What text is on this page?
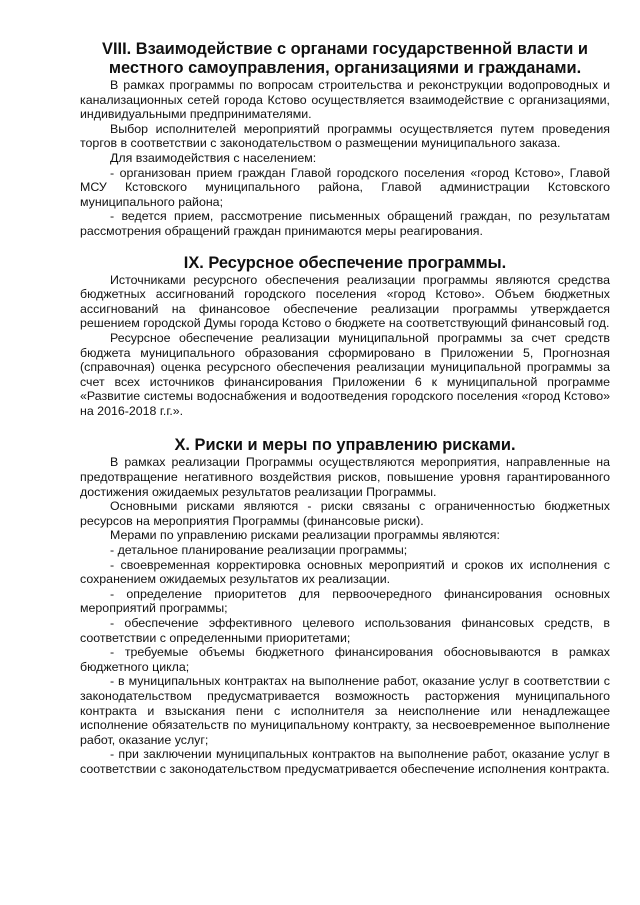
VIII. Взаимодействие с органами государственной власти и местного самоуправления, организациями и гражданами.

В рамках программы по вопросам строительства и реконструкции водопроводных и канализационных сетей города Кстово осуществляется взаимодействие с организациями, индивидуальными предпринимателями.

Выбор исполнителей мероприятий программы осуществляется путем проведения торгов в соответствии с законодательством о размещении муниципального заказа.

Для взаимодействия с населением:

- организован прием граждан Главой городского поселения «город Кстово», Главой МСУ Кстовского муниципального района, Главой администрации Кстовского муниципального района;

- ведется прием, рассмотрение письменных обращений граждан, по результатам рассмотрения обращений граждан принимаются меры реагирования.

IX. Ресурсное обеспечение программы.

Источниками ресурсного обеспечения реализации программы являются средства бюджетных ассигнований городского поселения «город Кстово». Объем бюджетных ассигнований на финансовое обеспечение реализации программы утверждается решением городской Думы города Кстово о бюджете на соответствующий финансовый год.

Ресурсное обеспечение реализации муниципальной программы за счет средств бюджета муниципального образования сформировано в Приложении 5, Прогнозная (справочная) оценка ресурсного обеспечения реализации муниципальной программы за счет всех источников финансирования Приложении 6 к муниципальной программе «Развитие системы водоснабжения и водоотведения городского поселения «город Кстово» на 2016-2018 г.г.».

X. Риски и меры по управлению рисками.

В рамках реализации Программы осуществляются мероприятия, направленные на предотвращение негативного воздействия рисков, повышение уровня гарантированного достижения ожидаемых результатов реализации Программы.

Основными рисками являются - риски связаны с ограниченностью бюджетных ресурсов на мероприятия Программы (финансовые риски).

Мерами по управлению рисками реализации программы являются:

- детальное планирование реализации программы;

- своевременная корректировка основных мероприятий и сроков их исполнения с сохранением ожидаемых результатов их реализации.

- определение приоритетов для первоочередного финансирования основных мероприятий программы;

- обеспечение эффективного целевого использования финансовых средств, в соответствии с определенными приоритетами;

- требуемые объемы бюджетного финансирования обосновываются в рамках бюджетного цикла;

- в муниципальных контрактах на выполнение работ, оказание услуг в соответствии с законодательством предусматривается возможность расторжения муниципального контракта и взыскания пени с исполнителя за неисполнение или ненадлежащее исполнение обязательств по муниципальному контракту, за несвоевременное выполнение работ, оказание услуг;

- при заключении муниципальных контрактов на выполнение работ, оказание услуг в соответствии с законодательством предусматривается обеспечение исполнения контракта.
